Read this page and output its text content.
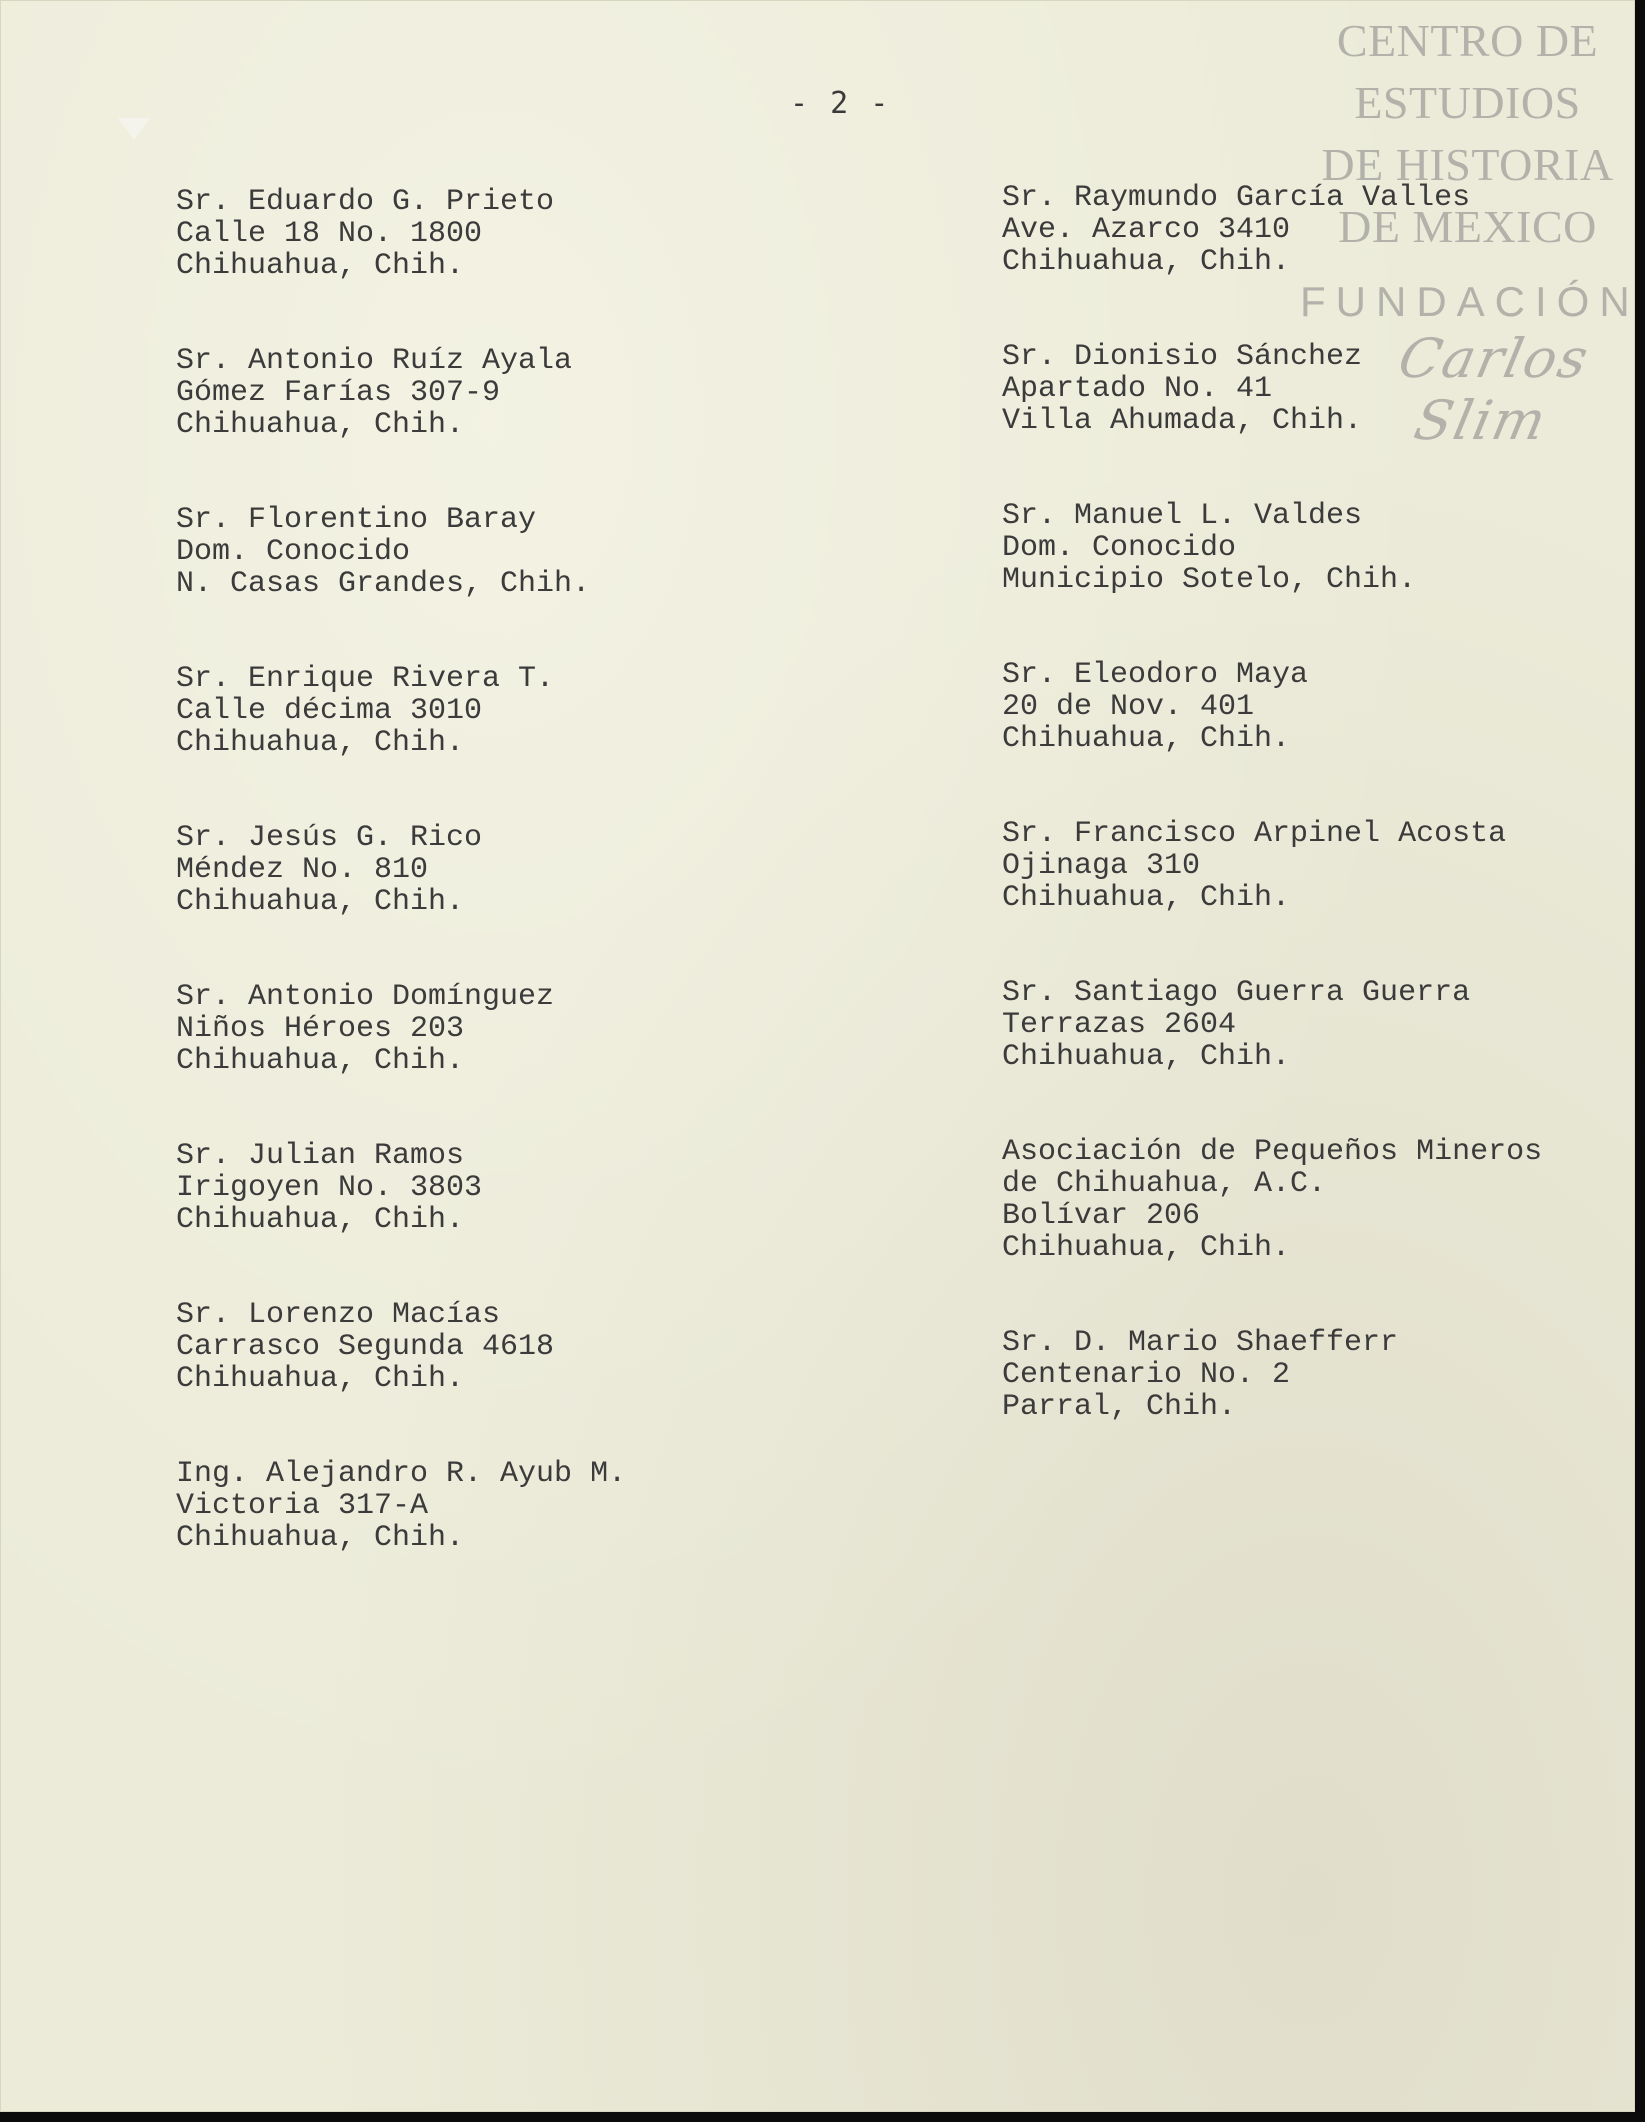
- 2 -
CENTRO DE
ESTUDIOS
DE HISTORIA
DE MEXICO
FUNDACIÓN
Carlos Slim
Sr. Eduardo G. Prieto
Calle 18 No. 1800
Chihuahua, Chih.
Sr. Antonio Ruíz Ayala
Gómez Farías 307-9
Chihuahua, Chih.
Sr. Florentino Baray
Dom. Conocido
N. Casas Grandes, Chih.
Sr. Enrique Rivera T.
Calle décima 3010
Chihuahua, Chih.
Sr. Jesús G. Rico
Méndez No. 810
Chihuahua, Chih.
Sr. Antonio Domínguez
Niños Héroes 203
Chihuahua, Chih.
Sr. Julian Ramos
Irigoyen No. 3803
Chihuahua, Chih.
Sr. Lorenzo Macías
Carrasco Segunda 4618
Chihuahua, Chih.
Ing. Alejandro R. Ayub M.
Victoria 317-A
Chihuahua, Chih.
Sr. Raymundo García Valles
Ave. Azarco 3410
Chihuahua, Chih.
Sr. Dionisio Sánchez
Apartado No. 41
Villa Ahumada, Chih.
Sr. Manuel L. Valdes
Dom. Conocido
Municipio Sotelo, Chih.
Sr. Eleodoro Maya
20 de Nov. 401
Chihuahua, Chih.
Sr. Francisco Arpinel Acosta
Ojinaga 310
Chihuahua, Chih.
Sr. Santiago Guerra Guerra
Terrazas 2604
Chihuahua, Chih.
Asociación de Pequeños Mineros
de Chihuahua, A.C.
Bolívar 206
Chihuahua, Chih.
Sr. D. Mario Shaefferr
Centenario No. 2
Parral, Chih.
